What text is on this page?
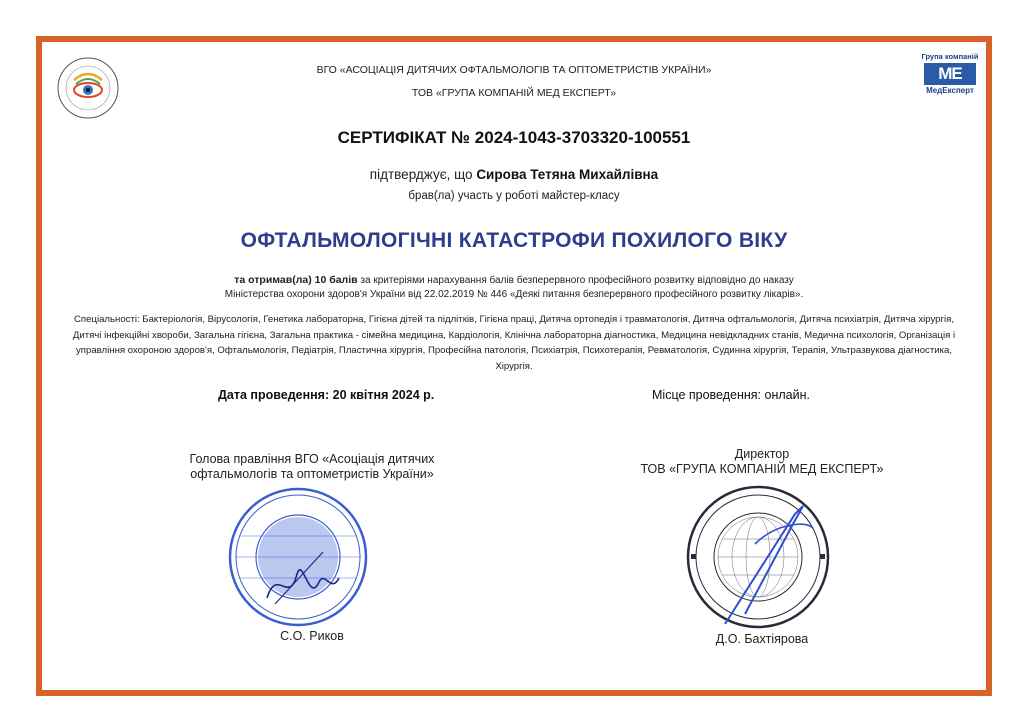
Група компаній
МЕ
МедЕксперт
ВГО «АСОЦІАЦІЯ ДИТЯЧИХ ОФТАЛЬМОЛОГІВ ТА ОПТОМЕТРИСТІВ УКРАЇНИ»
ТОВ «ГРУПА КОМПАНІЙ МЕД ЕКСПЕРТ»
СЕРТИФІКАТ № 2024-1043-3703320-100551
підтверджує, що Сирова Тетяна Михайлівна
брав(ла) участь у роботі майстер-класу
ОФТАЛЬМОЛОГІЧНІ КАТАСТРОФИ ПОХИЛОГО ВІКУ
та отримав(ла) 10 балів за критеріями нарахування балів безперервного професійного розвитку відповідно до наказу
Міністерства охорони здоров'я України від 22.02.2019 № 446 «Деякі питання безперервного професійного розвитку лікарів».
Спеціальності: Бактеріологія, Вірусологія, Генетика лабораторна, Гігієна дітей та підлітків, Гігієна праці, Дитяча ортопедія і травматологія, Дитяча офтальмологія, Дитяча психіатрія, Дитяча хірургія, Дитячі інфекційні хвороби, Загальна гігієна, Загальна практика - сімейна медицина, Кардіологія, Клінічна лабораторна діагностика, Медицина невідкладних станів, Медична психологія, Організація і управління охороною здоров'я, Офтальмологія, Педіатрія, Пластична хірургія, Професійна патологія, Психіатрія, Психотерапія, Ревматологія, Судинна хірургія, Терапія, Ультразвукова діагностика, Хірургія.
Дата проведення: 20 квітня 2024 р.	Місце проведення: онлайн.
Голова правління ВГО «Асоціація дитячих
офтальмологів та оптометристів України»
С.О. Риков
Директор
ТОВ «ГРУПА КОМПАНІЙ МЕД ЕКСПЕРТ»
Д.О. Бахтіярова
